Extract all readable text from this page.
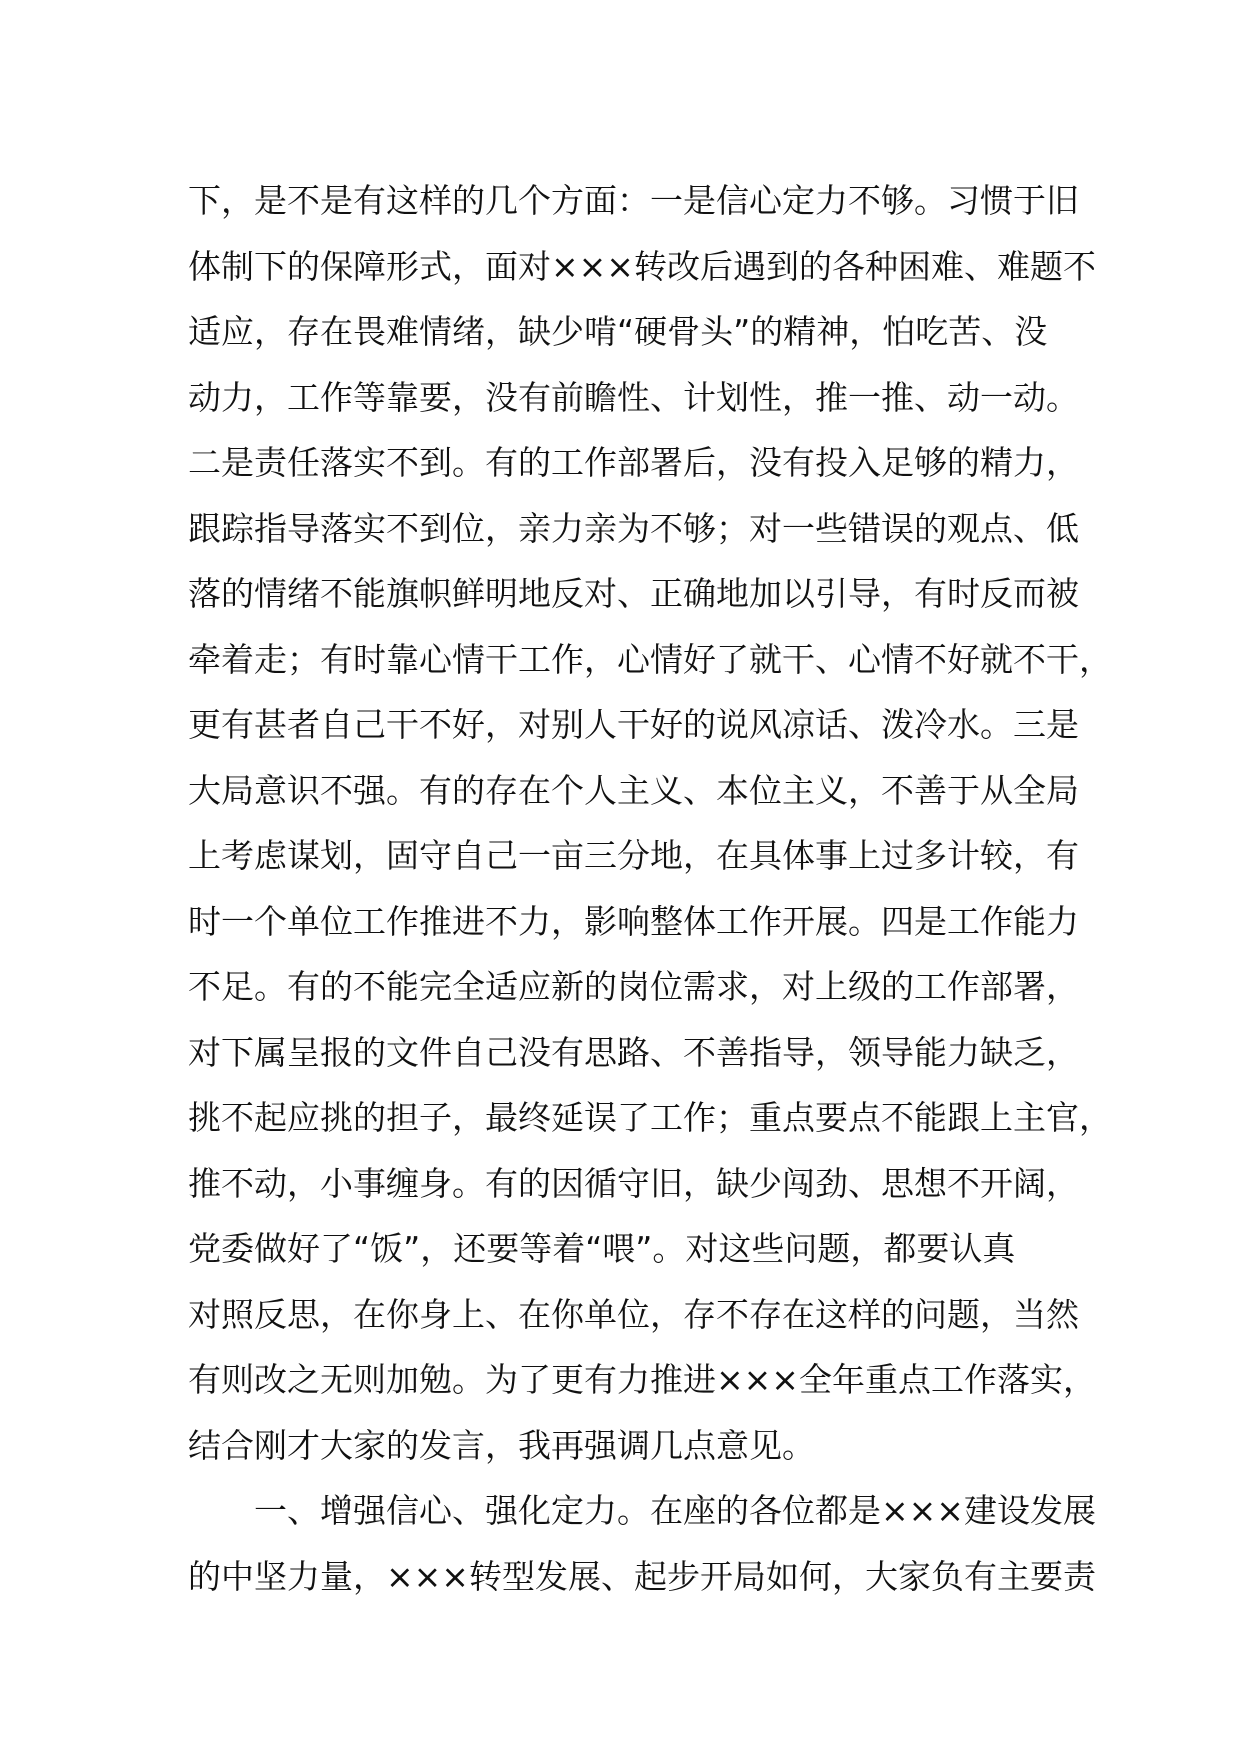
下，是不是有这样的几个方面：一是信心定力不够。习惯于旧
体制下的保障形式，面对×××转改后遇到的各种困难、难题不
适应，存在畏难情绪，缺少啃“硬骨头”的精神，怕吃苦、没
动力，工作等靠要，没有前瞻性、计划性，推一推、动一动。
二是责任落实不到。有的工作部署后，没有投入足够的精力，
跟踪指导落实不到位，亲力亲为不够；对一些错误的观点、低
落的情绪不能旗帜鲜明地反对、正确地加以引导，有时反而被
牵着走；有时靠心情干工作，心情好了就干、心情不好就不干，
更有甚者自己干不好，对别人干好的说风凉话、泼冷水。三是
大局意识不强。有的存在个人主义、本位主义，不善于从全局
上考虑谋划，固守自己一亩三分地，在具体事上过多计较，有
时一个单位工作推进不力，影响整体工作开展。四是工作能力
不足。有的不能完全适应新的岗位需求，对上级的工作部署，
对下属呈报的文件自己没有思路、不善指导，领导能力缺乏，
挑不起应挑的担子，最终延误了工作；重点要点不能跟上主官，
推不动，小事缠身。有的因循守旧，缺少闯劲、思想不开阔，
党委做好了“饭”，还要等着“喂”。对这些问题，都要认真
对照反思，在你身上、在你单位，存不存在这样的问题，当然
有则改之无则加勉。为了更有力推进×××全年重点工作落实，
结合刚才大家的发言，我再强调几点意见。
一、增强信心、强化定力。在座的各位都是×××建设发展
的中坚力量，×××转型发展、起步开局如何，大家负有主要责
